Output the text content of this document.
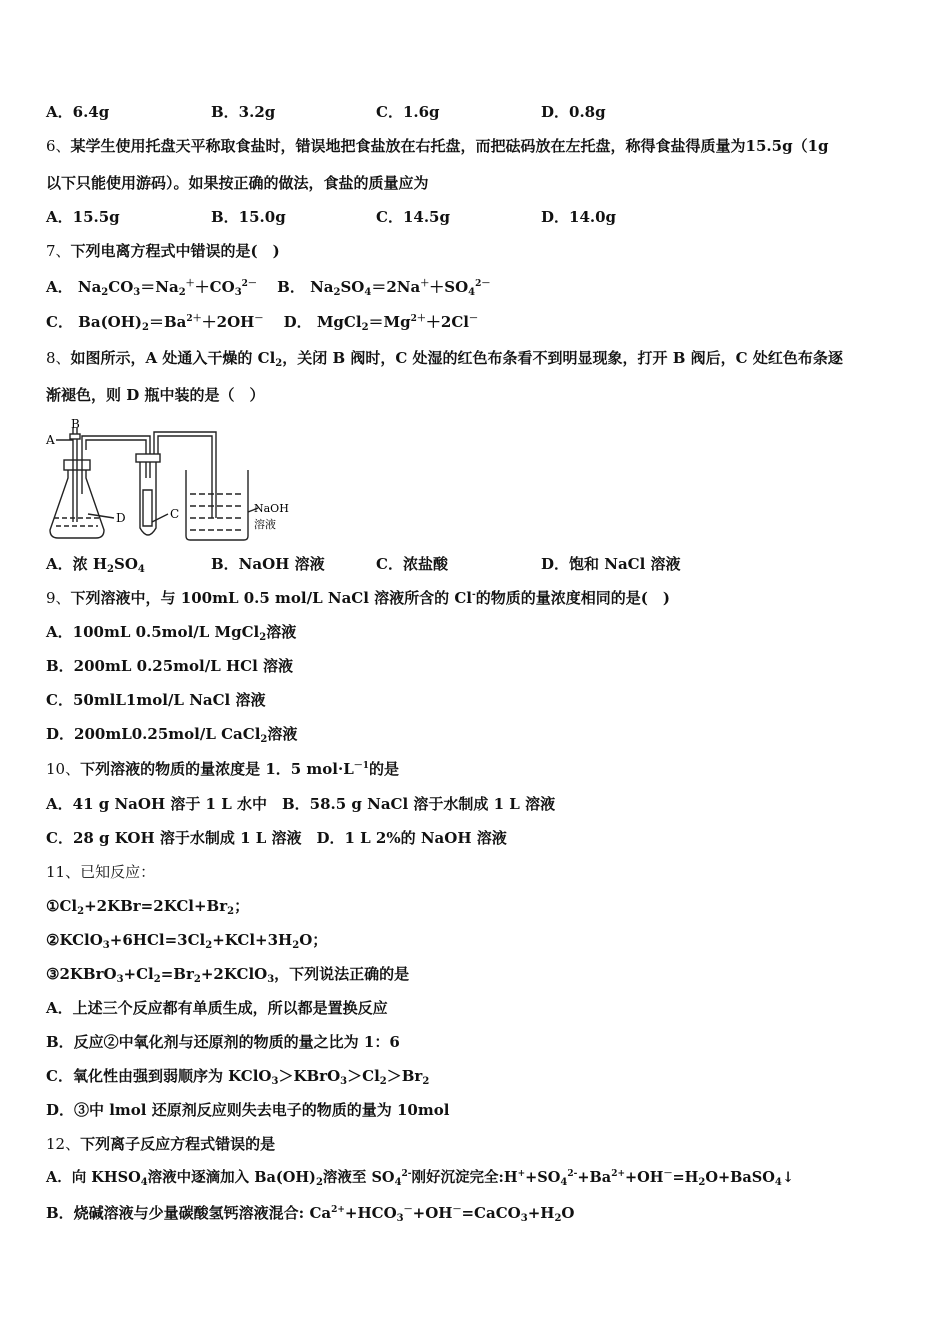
A．6.4g	B．3.2g	C．1.6g	D．0.8g
6、某学生使用托盘天平称取食盐时，错误地把食盐放在右托盘，而把砝码放在左托盘，称得食盐得质量为15.5g（1g
以下只能使用游码）。如果按正确的做法，食盐的质量应为
A．15.5g	B．15.0g	C．14.5g	D．14.0g
7、下列电离方程式中错误的是(　)
A． $Na_2CO_3=Na_2^++CO_3^{2-}$　 B． $Na_2SO_4=2Na^++SO_4^{2-}$
C． $Ba(OH)_2=Ba^{2+}+2OH^-$　 D． $MgCl_2=Mg^{2+}+2Cl^-$
8、如图所示，A 处通入干燥的 $Cl_2$，关闭 B 阀时，C 处湿的红色布条看不到明显现象，打开 B 阀后，C 处红色布条逐
渐褪色，则 D 瓶中装的是（　）
A
B
D	C	NaOH
溶液
A．浓 $H_2SO_4$	B．NaOH 溶液	C．浓盐酸	D．饱和 NaCl 溶液
9、下列溶液中，与 100mL 0.5 mol/L NaCl 溶液所含的 Cl-的物质的量浓度相同的是(　)
A．100mL 0.5mol/L MgCl$_2$溶液
B．200mL 0.25mol/L HCl 溶液
C．50mlL1mol/L NaCl 溶液
D．200mL0.25mol/L CaCl$_2$溶液
10、下列溶液的物质的量浓度是 1．5 $mol\cdot L^{-1}$的是
A．41 g NaOH 溶于 1 L 水中　B．58.5 g NaCl 溶于水制成 1 L 溶液
C．28 g KOH 溶于水制成 1 L 溶液　D．1 L 2%的 NaOH 溶液
11、已知反应：
$①Cl_2+2KBr=2KCl+Br_2$；
$②KClO_3+6HCl=3Cl_2+KCl+3H_2O$；
$③2KBrO_3+Cl_2=Br_2+2KClO_3$，下列说法正确的是
A．上述三个反应都有单质生成，所以都是置换反应
B．反应②中氧化剂与还原剂的物质的量之比为 1：6
C．氧化性由强到弱顺序为 $KClO_3>KBrO_3>Cl_2>Br_2$
D．③中 lmol 还原剂反应则失去电子的物质的量为 10mol
12、下列离子反应方程式错误的是
A．向 $KHSO_4$溶液中逐滴加入 $Ba(OH)_2$溶液至 $SO_4^{2-}$刚好沉淀完全$:H^++SO_4^{2-}+Ba^{2+}+OH^-=H_2O+BaSO_4↓$
B．烧碱溶液与少量碳酸氢钙溶液混合: $Ca^{2+}+HCO_3^-+OH^-=CaCO_3+H_2O$
